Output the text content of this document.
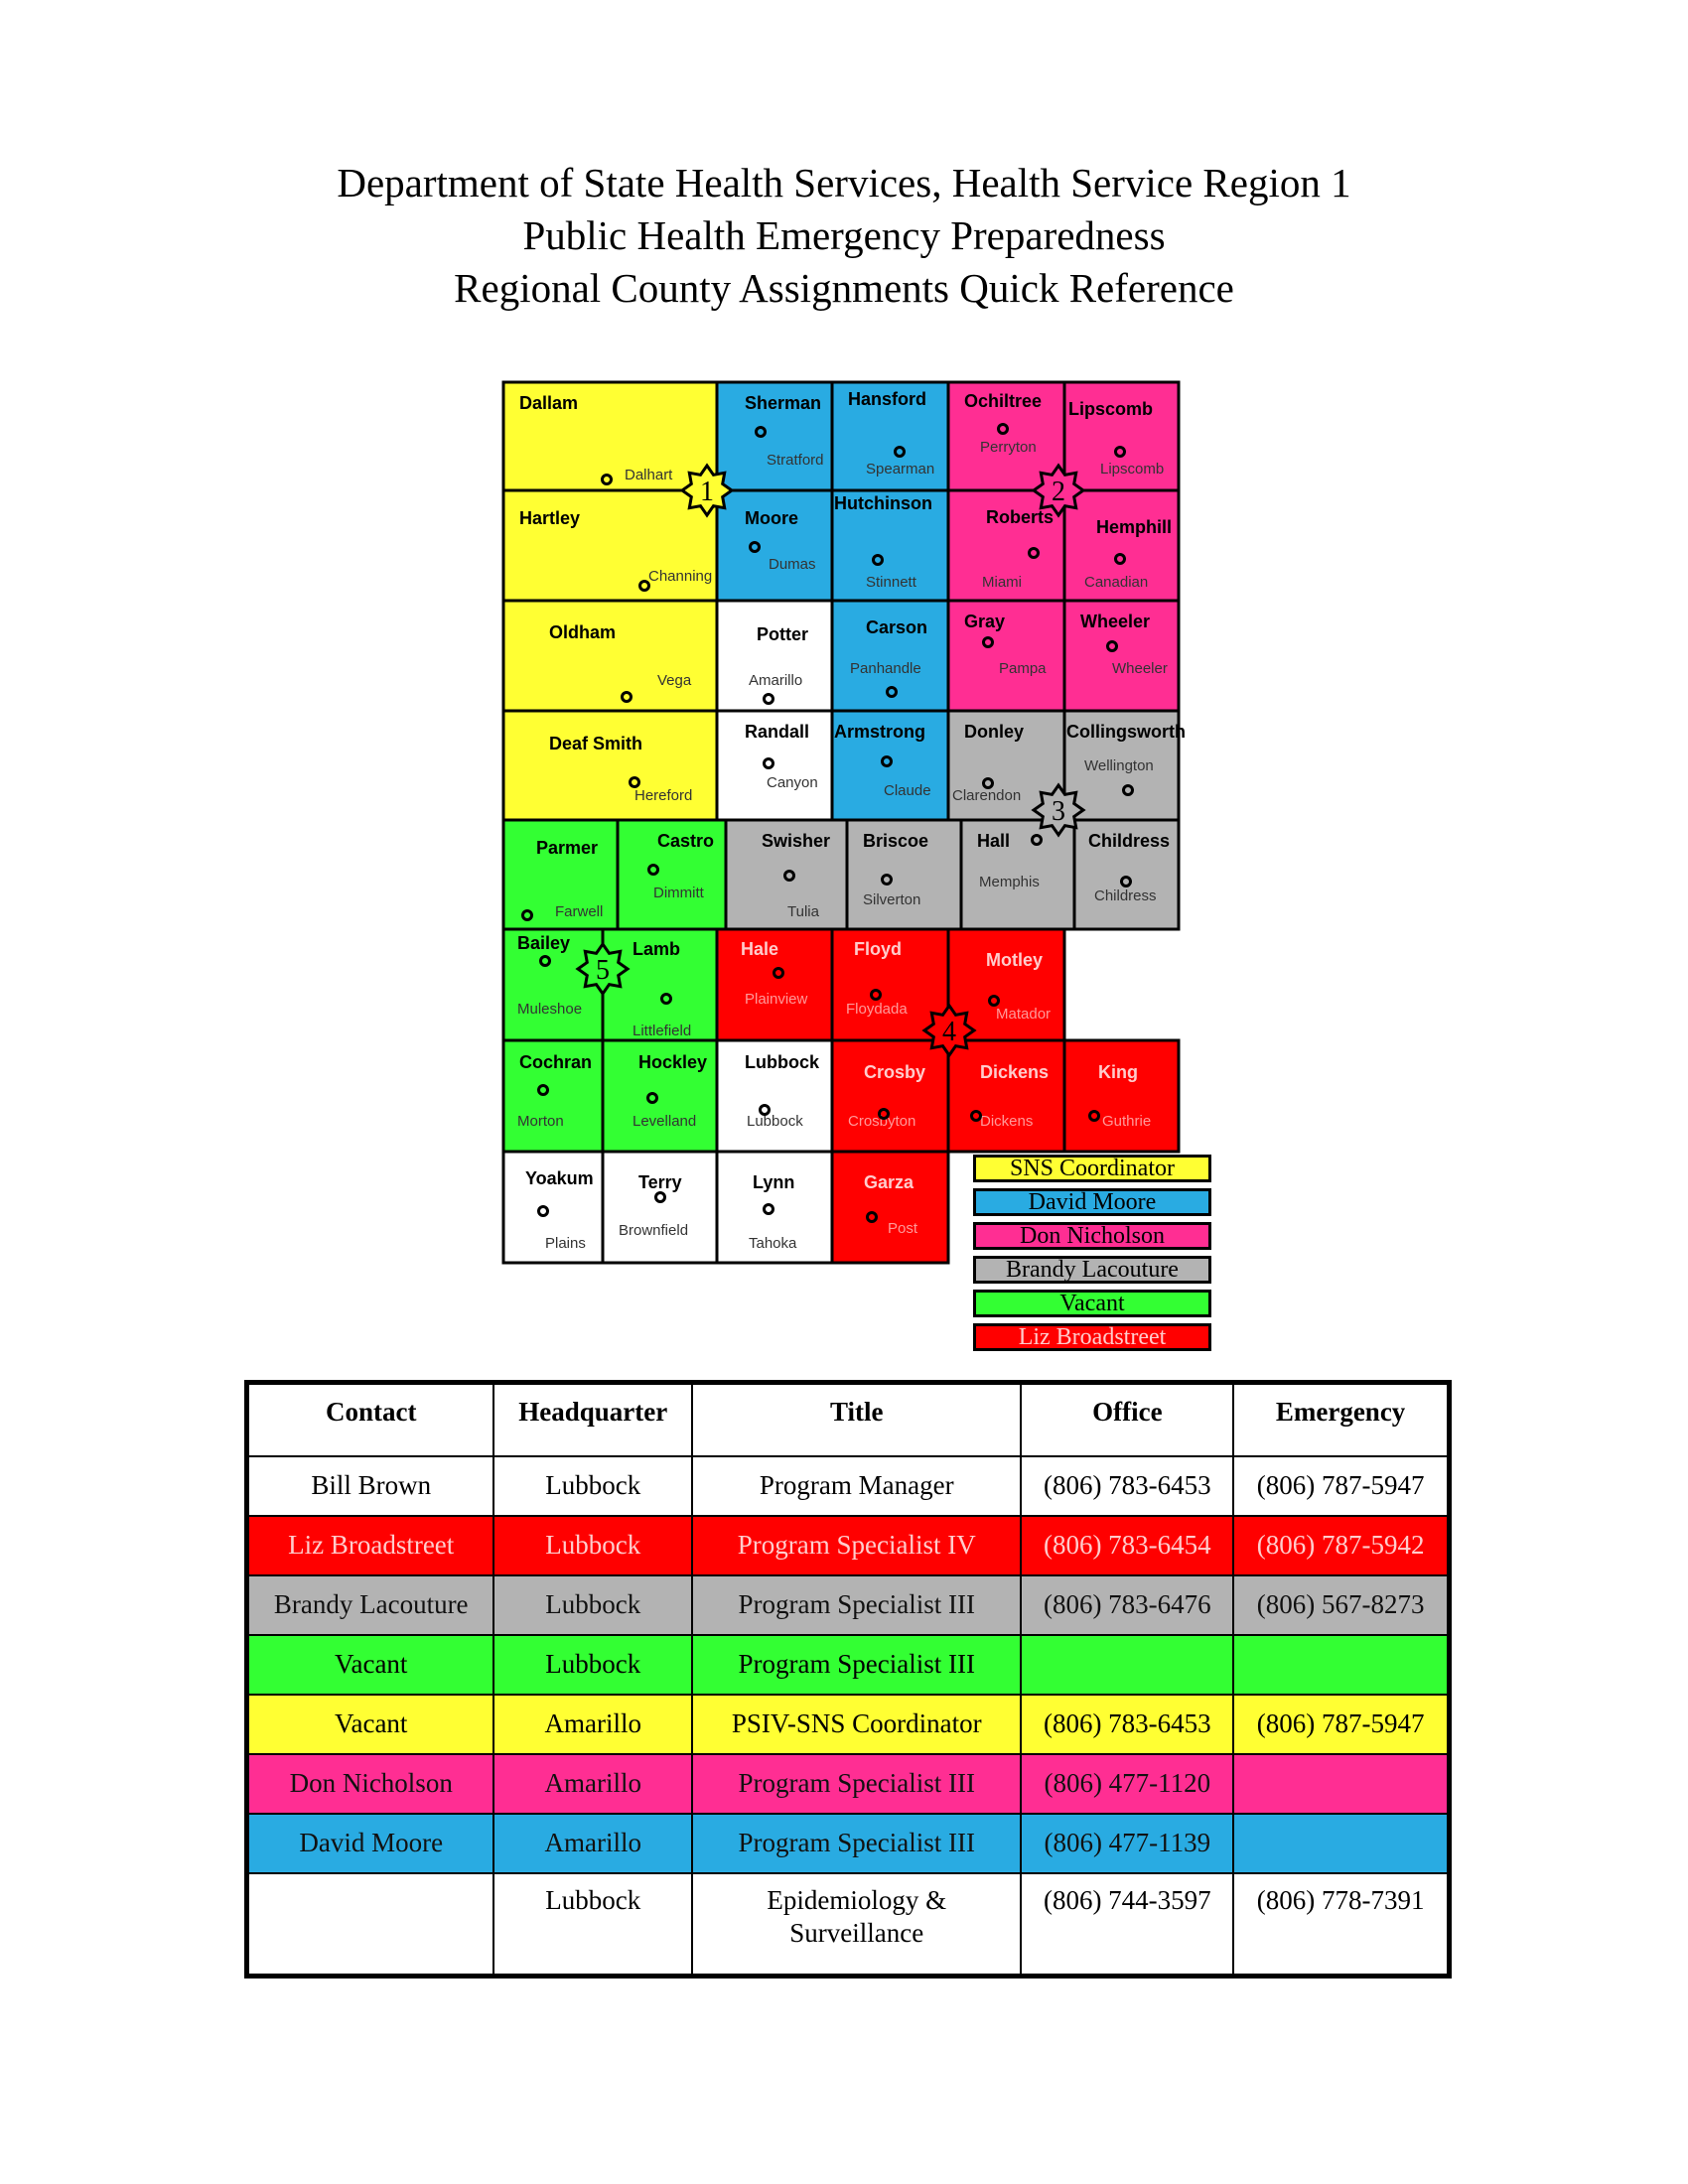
Department of State Health Services, Health Service Region 1
Public Health Emergency Preparedness
Regional County Assignments Quick Reference
Dallam
Dalhart
Sherman
Stratford
Hansford
Spearman
Ochiltree
Perryton
Lipscomb
Lipscomb
Hartley
Channing
Moore
Dumas
Hutchinson
Stinnett
Roberts
Miami
Hemphill
Canadian
Oldham
Vega
Potter
Amarillo
Carson
Panhandle
Gray
Pampa
Wheeler
Wheeler
Deaf Smith
Hereford
Randall
Canyon
Armstrong
Claude
Donley
Clarendon
Collingsworth
Wellington
Parmer
Farwell
Castro
Dimmitt
Swisher
Tulia
Briscoe
Silverton
Hall
Memphis
Childress
Childress
Bailey
Muleshoe
Lamb
Littlefield
Hale
Plainview
Floyd
Floydada
Motley
Matador
Cochran
Morton
Hockley
Levelland
Lubbock
Lubbock
Crosby
Crosbyton
Dickens
Dickens
King
Guthrie
Yoakum
Plains
Terry
Brownfield
Lynn
Tahoka
Garza
Post
1	2
3
4
5
SNS Coordinator
David Moore
Don Nicholson
Brandy Lacouture
Vacant
Liz Broadstreet
Contact	Headquarter	Title	Office	Emergency
Bill Brown	Lubbock	Program Manager	(806) 783-6453	(806) 787-5947
Liz Broadstreet	Lubbock	Program Specialist IV	(806) 783-6454	(806) 787-5942
Brandy Lacouture	Lubbock	Program Specialist III	(806) 783-6476	(806) 567-8273
Vacant	Lubbock	Program Specialist III		
Vacant	Amarillo	PSIV-SNS Coordinator	(806) 783-6453	(806) 787-5947
Don Nicholson	Amarillo	Program Specialist III	(806) 477-1120	
David Moore	Amarillo	Program Specialist III	(806) 477-1139	
	Lubbock	Epidemiology & Surveillance	(806) 744-3597	(806) 778-7391
